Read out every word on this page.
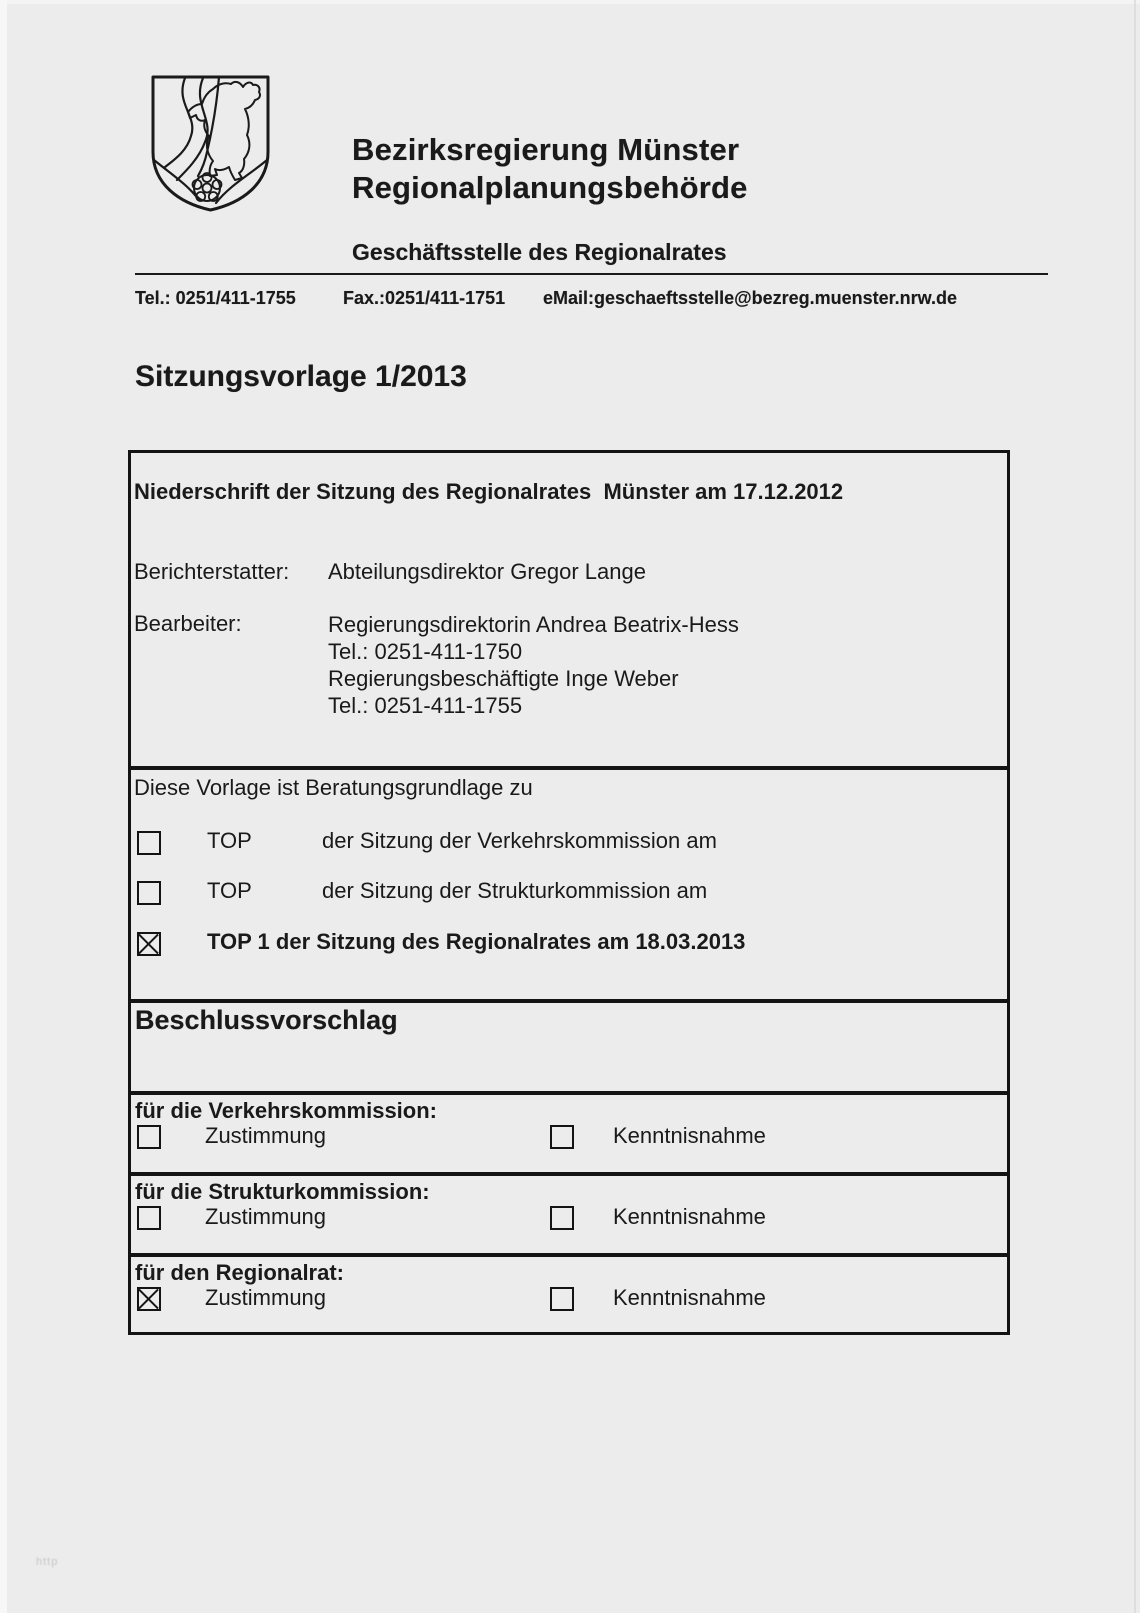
http
Bezirksregierung Münster
Regionalplanungsbehörde
Geschäftsstelle des Regionalrates
Tel.: 0251/411-1755	Fax.:0251/411-1751 eMail:geschaeftsstelle@bezreg.muenster.nrw.de
Sitzungsvorlage 1/2013
Niederschrift der Sitzung des Regionalrates  Münster am 17.12.2012
Berichterstatter: Abteilungsdirektor Gregor Lange
Bearbeiter:	Regierungsdirektorin Andrea Beatrix-Hess
Tel.: 0251-411-1750
Regierungsbeschäftigte Inge Weber
Tel.: 0251-411-1755
Diese Vorlage ist Beratungsgrundlage zu
TOP	der Sitzung der Verkehrskommission am
TOP	der Sitzung der Strukturkommission am
TOP 1 der Sitzung des Regionalrates am 18.03.2013
Beschlussvorschlag
für die Verkehrskommission:
Zustimmung	Kenntnisnahme
für die Strukturkommission:
Zustimmung	Kenntnisnahme
für den Regionalrat:
Zustimmung	Kenntnisnahme
